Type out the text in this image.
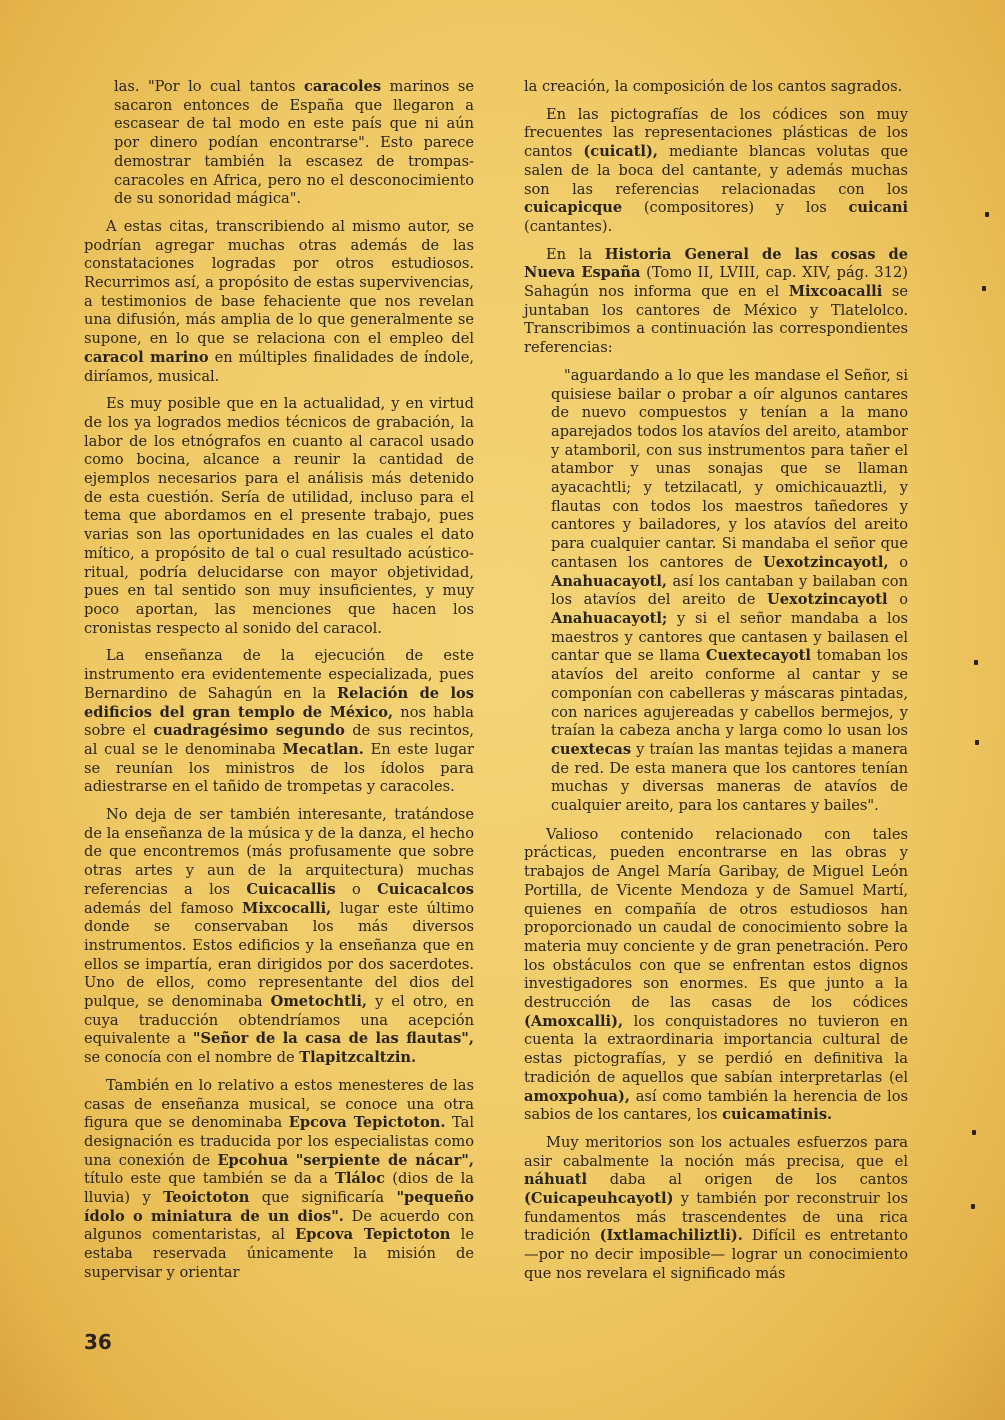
las. "Por lo cual tantos caracoles marinos se sacaron entonces de España que llegaron a escasear de tal modo en este país que ni aún por dinero podían encontrarse". Esto parece demostrar también la escasez de trompas-caracoles en Africa, pero no el desconocimiento de su sonoridad mágica".

A estas citas, transcribiendo al mismo autor, se podrían agregar muchas otras además de las constataciones logradas por otros estudiosos. Recurrimos así, a propósito de estas supervivencias, a testimonios de base fehaciente que nos revelan una difusión, más amplia de lo que generalmente se supone, en lo que se relaciona con el empleo del caracol marino en múltiples finalidades de índole, diríamos, musical.

Es muy posible que en la actualidad, y en virtud de los ya logrados medios técnicos de grabación, la labor de los etnógrafos en cuanto al caracol usado como bocina, alcance a reunir la cantidad de ejemplos necesarios para el análisis más detenido de esta cuestión. Sería de utilidad, incluso para el tema que abordamos en el presente trabajo, pues varias son las oportunidades en las cuales el dato mítico, a propósito de tal o cual resultado acústico-ritual, podría delucidarse con mayor objetividad, pues en tal sentido son muy insuficientes, y muy poco aportan, las menciones que hacen los cronistas respecto al sonido del caracol.

La enseñanza de la ejecución de este instrumento era evidentemente especializada, pues Bernardino de Sahagún en la Relación de los edificios del gran templo de México, nos habla sobre el cuadragésimo segundo de sus recintos, al cual se le denominaba Mecatlan. En este lugar se reunían los ministros de los ídolos para adiestrarse en el tañido de trompetas y caracoles.

No deja de ser también interesante, tratándose de la enseñanza de la música y de la danza, el hecho de que encontremos (más profusamente que sobre otras artes y aun de la arquitectura) muchas referencias a los Cuicacallis o Cuicacalcos además del famoso Mixcocalli, lugar este último donde se conservaban los más diversos instrumentos. Estos edificios y la enseñanza que en ellos se impartía, eran dirigidos por dos sacerdotes. Uno de ellos, como representante del dios del pulque, se denominaba Ometochtli, y el otro, en cuya traducción obtendríamos una acepción equivalente a "Señor de la casa de las flautas", se conocía con el nombre de Tlapitzcaltzin.

También en lo relativo a estos menesteres de las casas de enseñanza musical, se conoce una otra figura que se denominaba Epcova Tepictoton. Tal designación es traducida por los especialistas como una conexión de Epcohua "serpiente de nácar", título este que también se da a Tláloc (dios de la lluvia) y Teoictoton que significaría "pequeño ídolo o miniatura de un dios". De acuerdo con algunos comentaristas, al Epcova Tepictoton le estaba reservada únicamente la misión de supervisar y orientar

la creación, la composición de los cantos sagrados.

En las pictografías de los códices son muy frecuentes las representaciones plásticas de los cantos (cuicatl), mediante blancas volutas que salen de la boca del cantante, y además muchas son las referencias relacionadas con los cuicapicque (compositores) y los cuicani (cantantes).

En la Historia General de las cosas de Nueva España (Tomo II, LVIII, cap. XIV, pág. 312) Sahagún nos informa que en el Mixcoacalli se juntaban los cantores de México y Tlatelolco. Transcribimos a continuación las correspondientes referencias:

"aguardando a lo que les mandase el Señor, si quisiese bailar o probar a oír algunos cantares de nuevo compuestos y tenían a la mano aparejados todos los atavíos del areito, atambor y atamboril, con sus instrumentos para tañer el atambor y unas sonajas que se llaman ayacachtli; y tetzilacatl, y omichicauaztli, y flautas con todos los maestros tañedores y cantores y bailadores, y los atavíos del areito para cualquier cantar. Si mandaba el señor que cantasen los cantores de Uexotzincayotl, o Anahuacayotl, así los cantaban y bailaban con los atavíos del areito de Uexotzincayotl o Anahuacayotl; y si el señor mandaba a los maestros y cantores que cantasen y bailasen el cantar que se llama Cuextecayotl tomaban los atavíos del areito conforme al cantar y se componían con cabelleras y máscaras pintadas, con narices agujereadas y cabellos bermejos, y traían la cabeza ancha y larga como lo usan los cuextecas y traían las mantas tejidas a manera de red. De esta manera que los cantores tenían muchas y diversas maneras de atavíos de cualquier areito, para los cantares y bailes".

Valioso contenido relacionado con tales prácticas, pueden encontrarse en las obras y trabajos de Angel María Garibay, de Miguel León Portilla, de Vicente Mendoza y de Samuel Martí, quienes en compañía de otros estudiosos han proporcionado un caudal de conocimiento sobre la materia muy conciente y de gran penetración. Pero los obstáculos con que se enfrentan estos dignos investigadores son enormes. Es que junto a la destrucción de las casas de los códices (Amoxcalli), los conquistadores no tuvieron en cuenta la extraordinaria importancia cultural de estas pictografías, y se perdió en definitiva la tradición de aquellos que sabían interpretarlas (el amoxpohua), así como también la herencia de los sabios de los cantares, los cuicamatinis.

Muy meritorios son los actuales esfuerzos para asir cabalmente la noción más precisa, que el náhuatl daba al origen de los cantos (Cuicapeuhcayotl) y también por reconstruir los fundamentos más trascendentes de una rica tradición (Ixtlamachiliztli). Difícil es entretanto —por no decir imposible— lograr un conocimiento que nos revelara el significado más

36
